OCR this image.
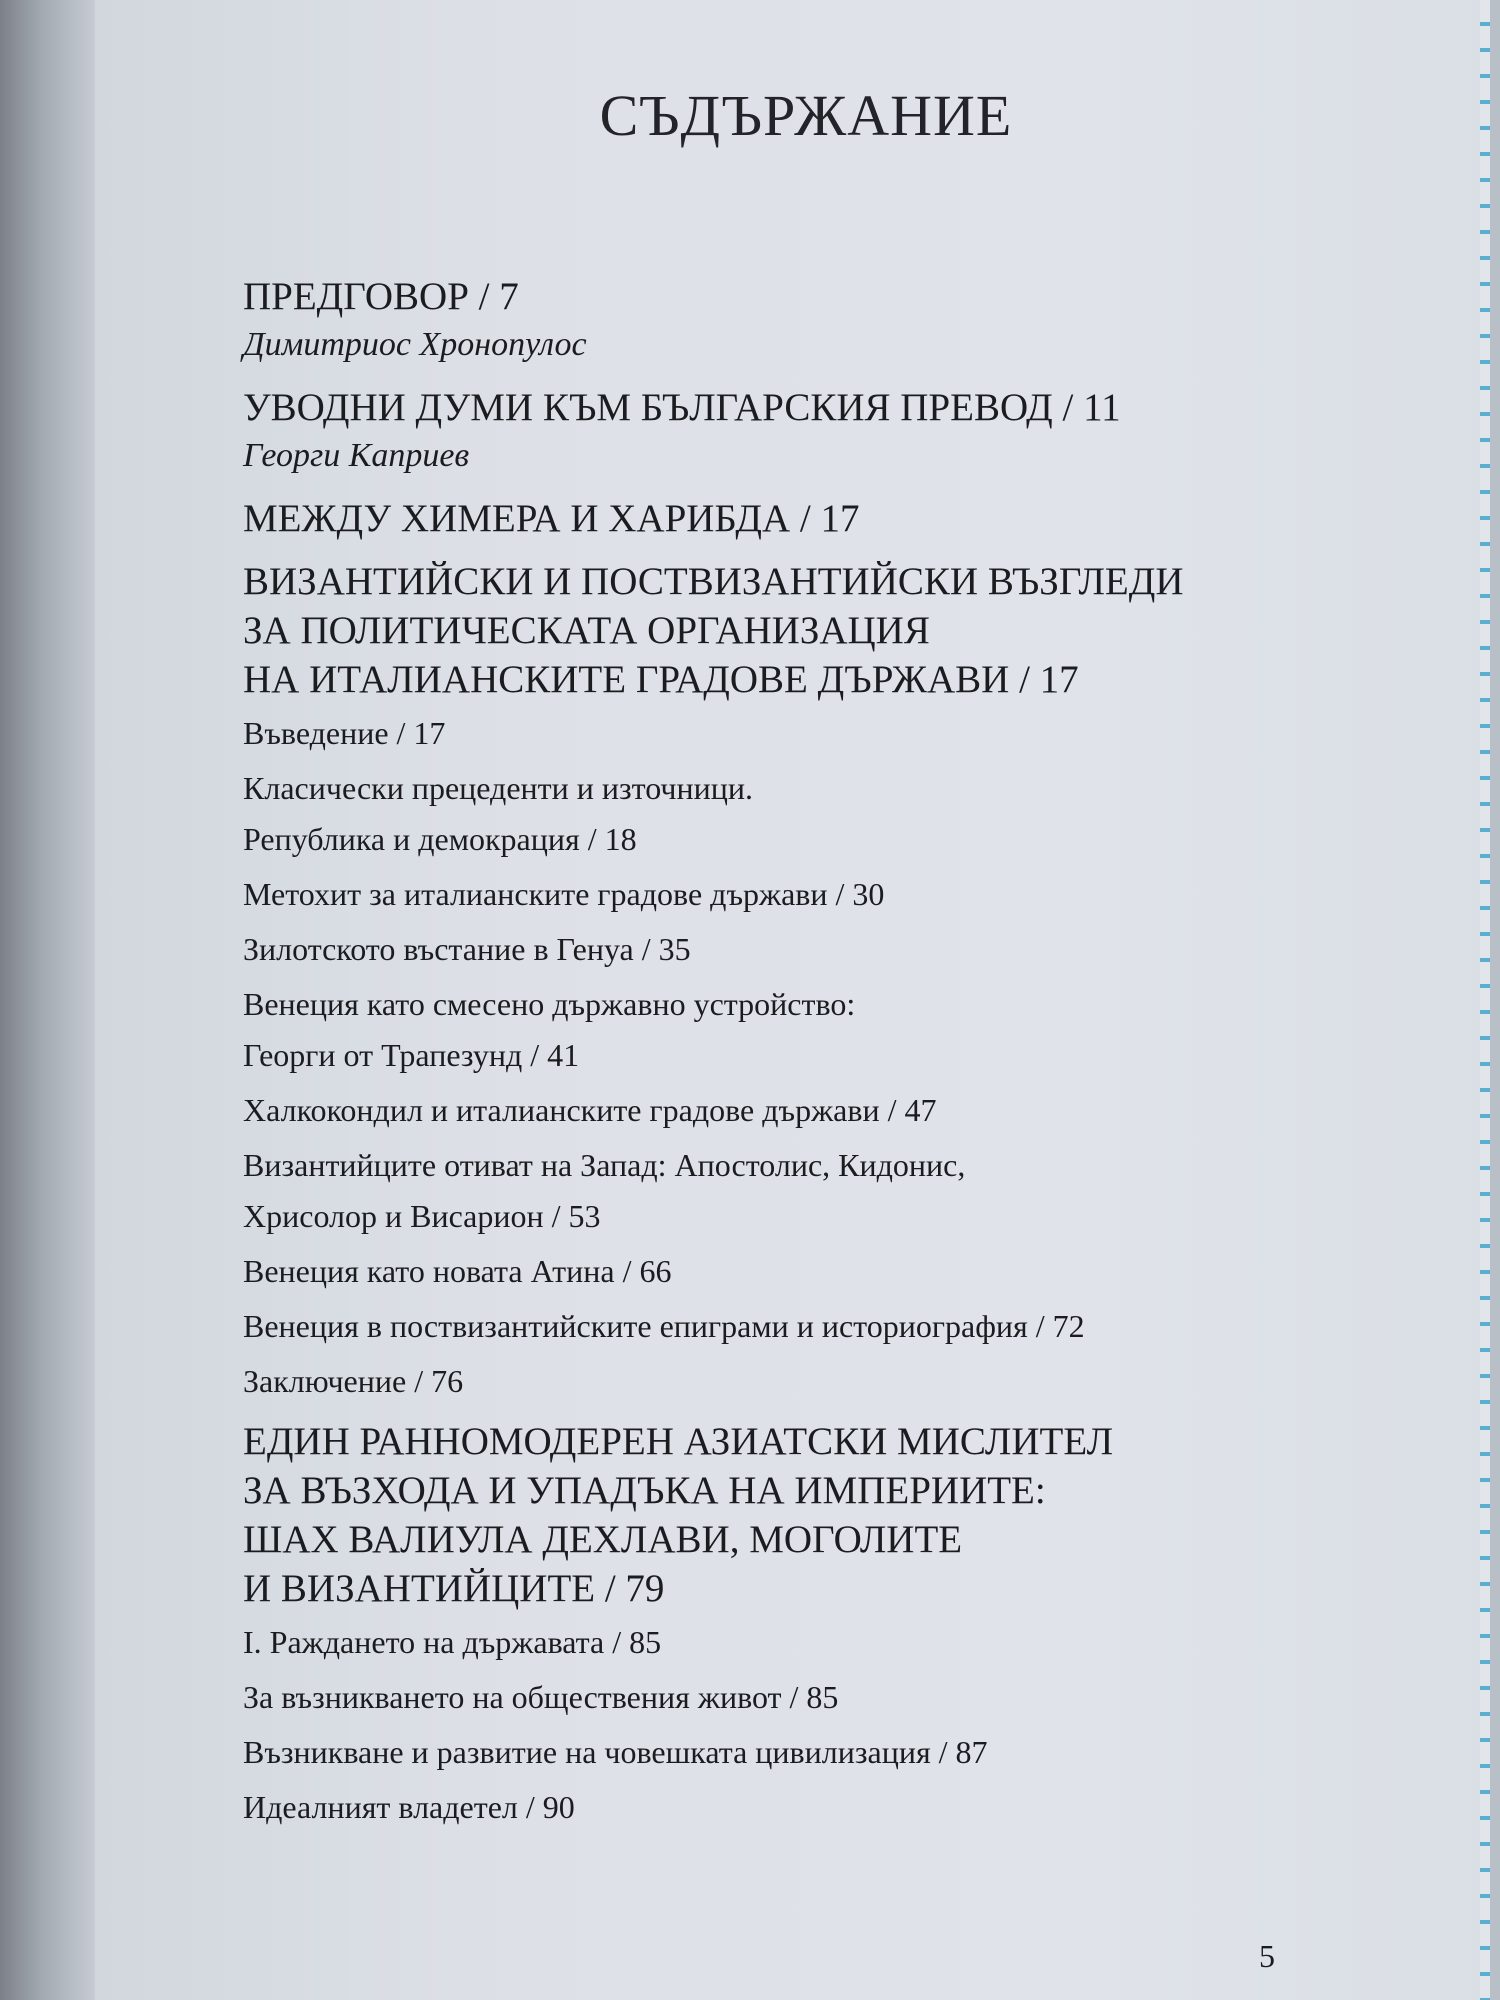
СЪДЪРЖАНИЕ
ПРЕДГОВОР / 7
Димитриос Хронопулос
УВОДНИ ДУМИ КЪМ БЪЛГАРСКИЯ ПРЕВОД / 11
Георги Каприев
МЕЖДУ ХИМЕРА И ХАРИБДА / 17
ВИЗАНТИЙСКИ И ПОСТВИЗАНТИЙСКИ ВЪЗГЛЕДИ
ЗА ПОЛИТИЧЕСКАТА ОРГАНИЗАЦИЯ
НА ИТАЛИАНСКИТЕ ГРАДОВЕ ДЪРЖАВИ / 17
Въведение / 17
Класически прецеденти и източници.
Република и демокрация / 18
Метохит за италианските градове държави / 30
Зилотското въстание в Генуа / 35
Венеция като смесено държавно устройство:
Георги от Трапезунд / 41
Халкокондил и италианските градове държави / 47
Византийците отиват на Запад: Апостолис, Кидонис,
Хрисолор и Висарион / 53
Венеция като новата Атина / 66
Венеция в поствизантийските епиграми и историография / 72
Заключение / 76
ЕДИН РАННОМОДЕРЕН АЗИАТСКИ МИСЛИТЕЛ
ЗА ВЪЗХОДА И УПАДЪКА НА ИМПЕРИИТЕ:
ШАХ ВАЛИУЛА ДЕХЛАВИ, МОГОЛИТЕ
И ВИЗАНТИЙЦИТЕ / 79
I. Раждането на държавата / 85
За възникването на обществения живот / 85
Възникване и развитие на човешката цивилизация / 87
Идеалният владетел / 90
5
